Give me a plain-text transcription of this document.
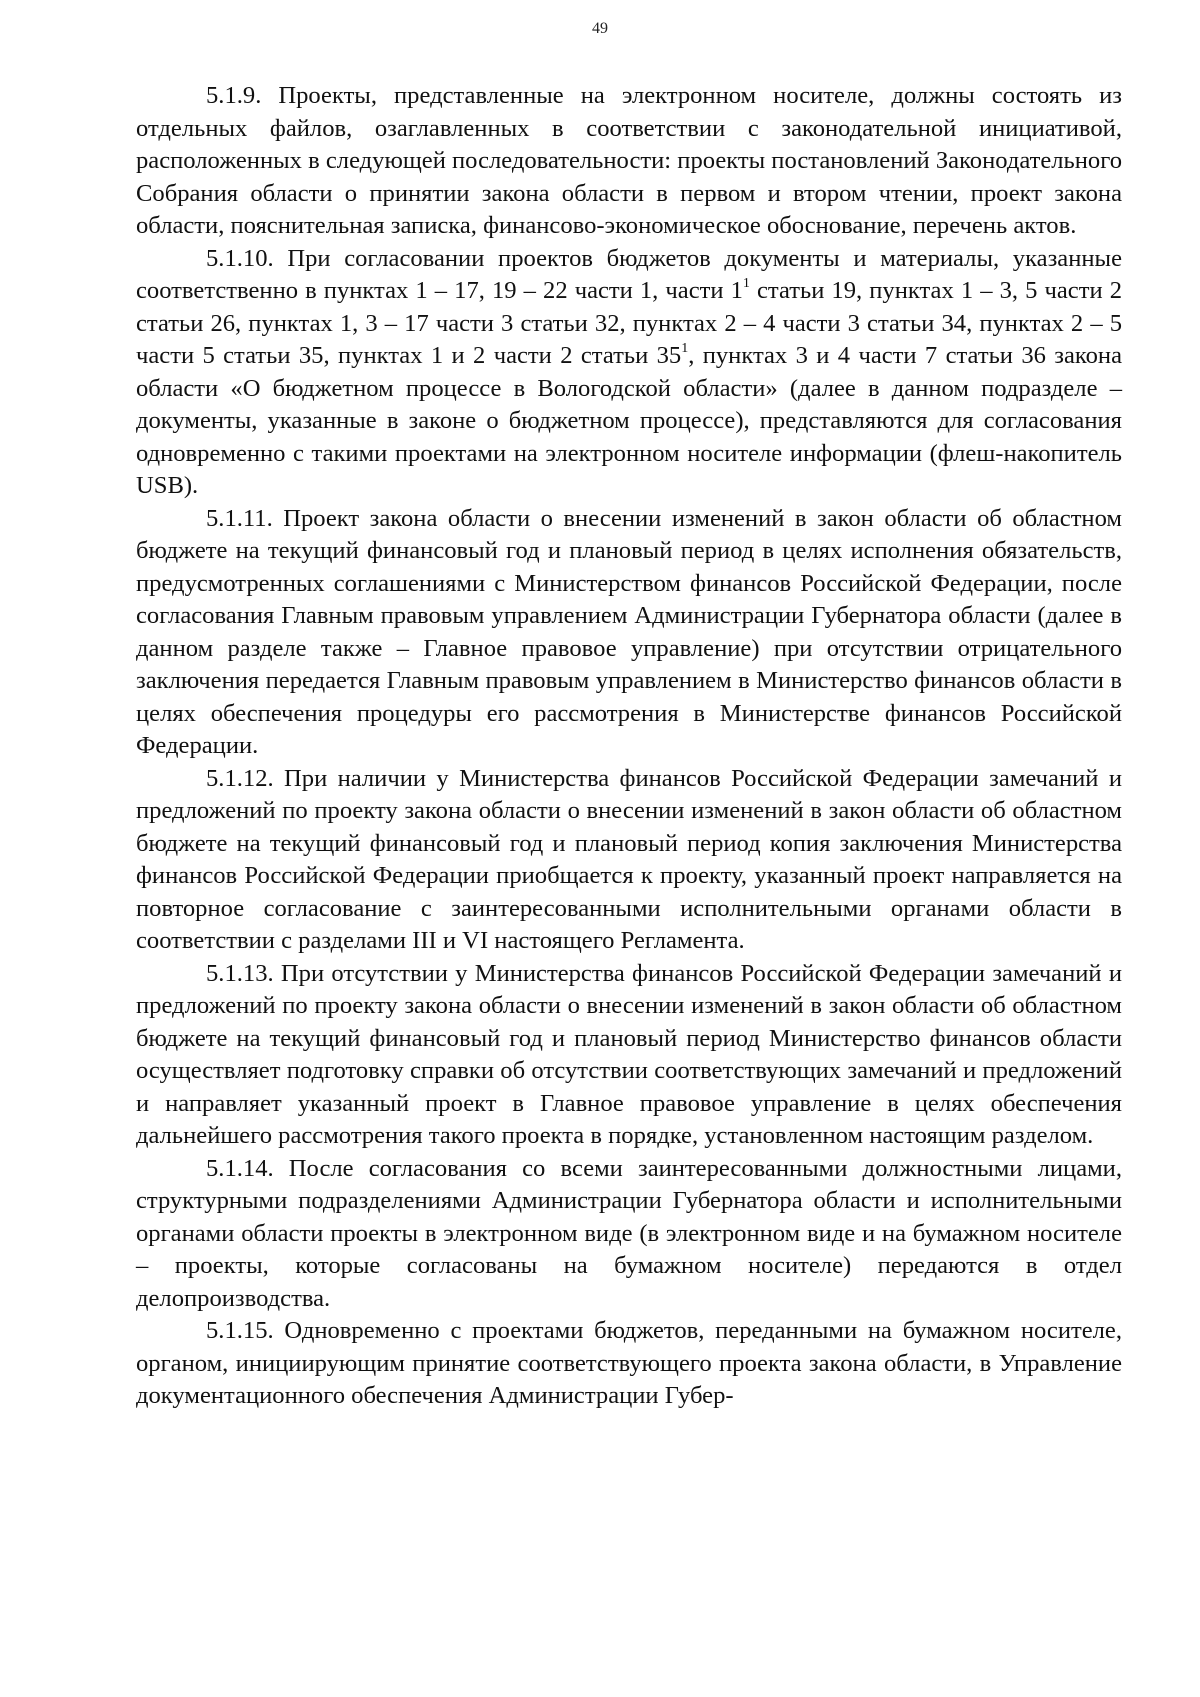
49

5.1.9. Проекты, представленные на электронном носителе, должны состоять из отдельных файлов, озаглавленных в соответствии с законодательной инициативой, расположенных в следующей последовательности: проекты постановлений Законодательного Собрания области о принятии закона области в первом и втором чтении, проект закона области, пояснительная записка, финансово-экономическое обоснование, перечень актов.

5.1.10. При согласовании проектов бюджетов документы и материалы, указанные соответственно в пунктах 1 – 17, 19 – 22 части 1, части $1^1$ статьи 19, пунктах 1 – 3, 5 части 2 статьи 26, пунктах 1, 3 – 17 части 3 статьи 32, пунктах 2 – 4 части 3 статьи 34, пунктах 2 – 5 части 5 статьи 35, пунктах 1 и 2 части 2 статьи $35^1$, пунктах 3 и 4 части 7 статьи 36 закона области «О бюджетном процессе в Вологодской области» (далее в данном подразделе – документы, указанные в законе о бюджетном процессе), представляются для согласования одновременно с такими проектами на электронном носителе информации (флеш-накопитель USB).

5.1.11. Проект закона области о внесении изменений в закон области об областном бюджете на текущий финансовый год и плановый период в целях исполнения обязательств, предусмотренных соглашениями с Министерством финансов Российской Федерации, после согласования Главным правовым управлением Администрации Губернатора области (далее в данном разделе также – Главное правовое управление) при отсутствии отрицательного заключения передается Главным правовым управлением в Министерство финансов области в целях обеспечения процедуры его рассмотрения в Министерстве финансов Российской Федерации.

5.1.12. При наличии у Министерства финансов Российской Федерации замечаний и предложений по проекту закона области о внесении изменений в закон области об областном бюджете на текущий финансовый год и плановый период копия заключения Министерства финансов Российской Федерации приобщается к проекту, указанный проект направляется на повторное согласование с заинтересованными исполнительными органами области в соответствии с разделами III и VI настоящего Регламента.

5.1.13. При отсутствии у Министерства финансов Российской Федерации замечаний и предложений по проекту закона области о внесении изменений в закон области об областном бюджете на текущий финансовый год и плановый период Министерство финансов области осуществляет подготовку справки об отсутствии соответствующих замечаний и предложений и направляет указанный проект в Главное правовое управление в целях обеспечения дальнейшего рассмотрения такого проекта в порядке, установленном настоящим разделом.

5.1.14. После согласования со всеми заинтересованными должностными лицами, структурными подразделениями Администрации Губернатора области и исполнительными органами области проекты в электронном виде (в электронном виде и на бумажном носителе – проекты, которые согласованы на бумажном носителе) передаются в отдел делопроизводства.

5.1.15. Одновременно с проектами бюджетов, переданными на бумажном носителе, органом, инициирующим принятие соответствующего проекта закона области, в Управление документационного обеспечения Администрации Губер-
